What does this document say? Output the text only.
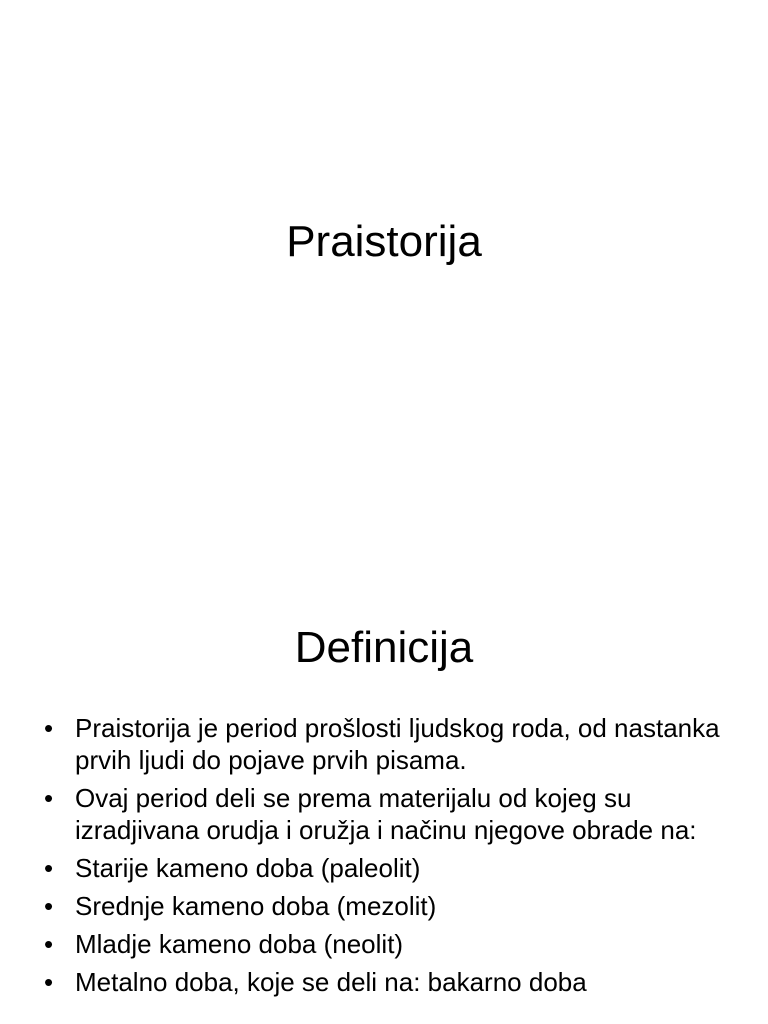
Praistorija
Definicija
• Praistorija je period prošlosti ljudskog roda, od nastanka prvih ljudi do pojave prvih pisama.
• Ovaj period deli se prema materijalu od kojeg su izradjivana orudja i oružja i načinu njegove obrade na:
• Starije kameno doba (paleolit)
• Srednje kameno doba (mezolit)
• Mladje kameno doba (neolit)
• Metalno doba, koje se deli na: bakarno doba
